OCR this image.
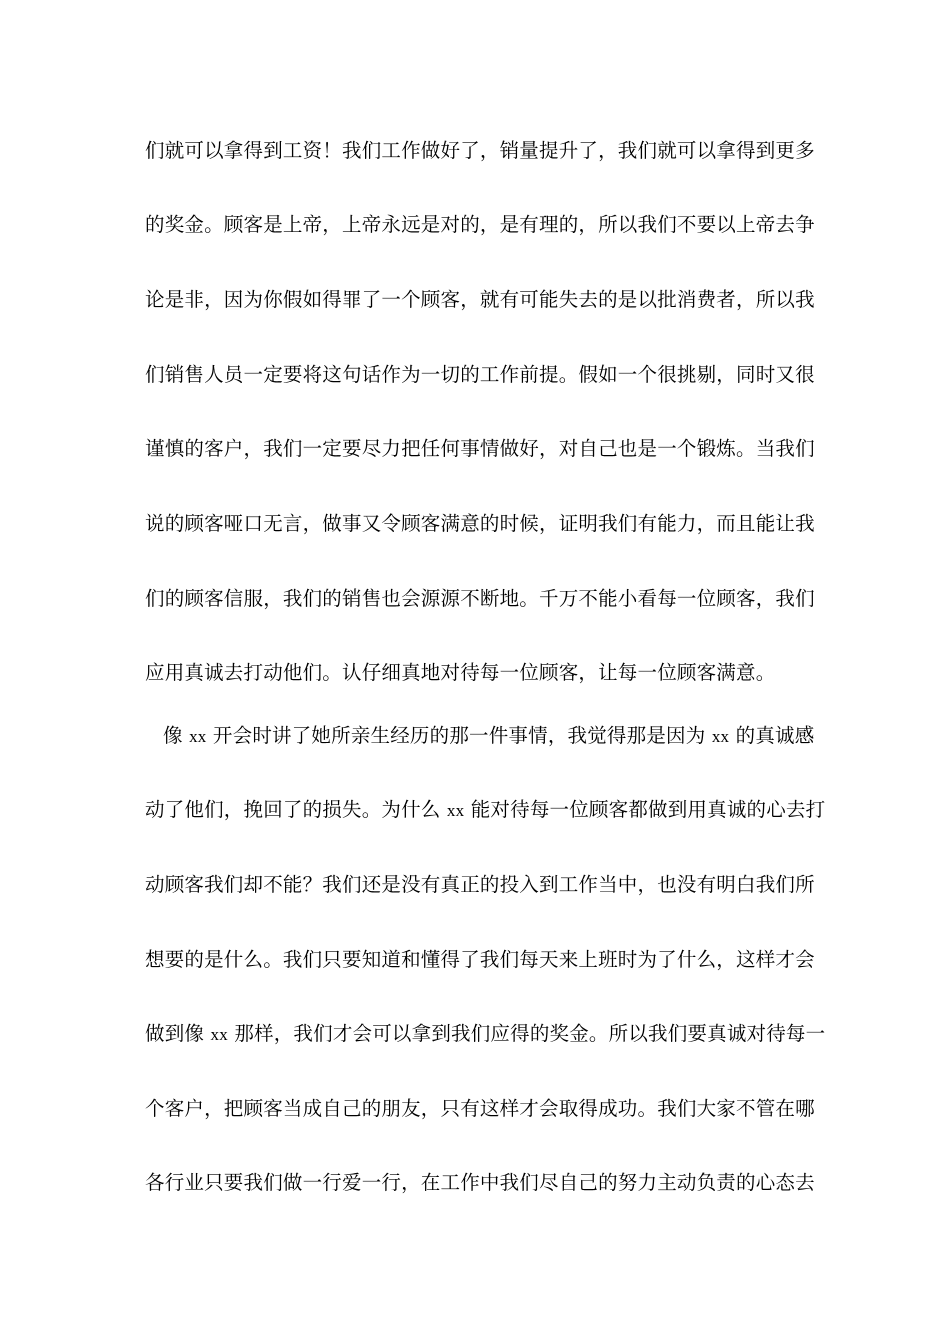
们就可以拿得到工资！我们工作做好了，销量提升了，我们就可以拿得到更多
的奖金。顾客是上帝，上帝永远是对的，是有理的，所以我们不要以上帝去争
论是非，因为你假如得罪了一个顾客，就有可能失去的是以批消费者，所以我
们销售人员一定要将这句话作为一切的工作前提。假如一个很挑剔，同时又很
谨慎的客户，我们一定要尽力把任何事情做好，对自己也是一个锻炼。当我们
说的顾客哑口无言，做事又令顾客满意的时候，证明我们有能力，而且能让我
们的顾客信服，我们的销售也会源源不断地。千万不能小看每一位顾客，我们
应用真诚去打动他们。认仔细真地对待每一位顾客，让每一位顾客满意。
像 xx 开会时讲了她所亲生经历的那一件事情，我觉得那是因为 xx 的真诚感
动了他们，挽回了的损失。为什么 xx 能对待每一位顾客都做到用真诚的心去打
动顾客我们却不能？我们还是没有真正的投入到工作当中，也没有明白我们所
想要的是什么。我们只要知道和懂得了我们每天来上班时为了什么，这样才会
做到像 xx 那样，我们才会可以拿到我们应得的奖金。所以我们要真诚对待每一
个客户，把顾客当成自己的朋友，只有这样才会取得成功。我们大家不管在哪
各行业只要我们做一行爱一行，在工作中我们尽自己的努力主动负责的心态去
